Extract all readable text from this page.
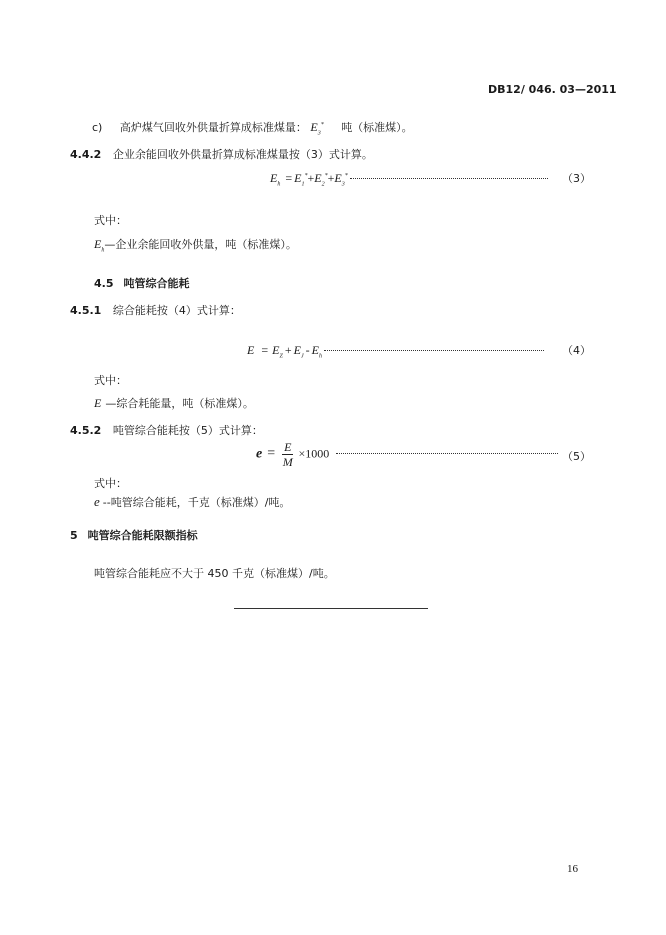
DB12/ 046. 03—2011
c) 高炉煤气回收外供量折算成标准煤量： $E_3^*$ 吨（标准煤）。
4.4.2 企业余能回收外供量折算成标准煤量按（3）式计算。
$E_h = E_1^*+E_2^*+E_3^*$	（3）
式中：
$E_h—$企业余能回收外供量，吨（标准煤）。
4.5 吨管综合能耗
4.5.1 综合能耗按（4）式计算：
$E = E_Z + E_J - E_h$	（4）
式中：
E —综合耗能量，吨（标准煤）。
4.5.2 吨管综合能耗按（5）式计算：
$e = \frac{E}{M} \times 1000$	（5）
式中：
e --吨管综合能耗，千克（标准煤）/吨。
5 吨管综合能耗限额指标
吨管综合能耗应不大于 450 千克（标准煤）/吨。
16
